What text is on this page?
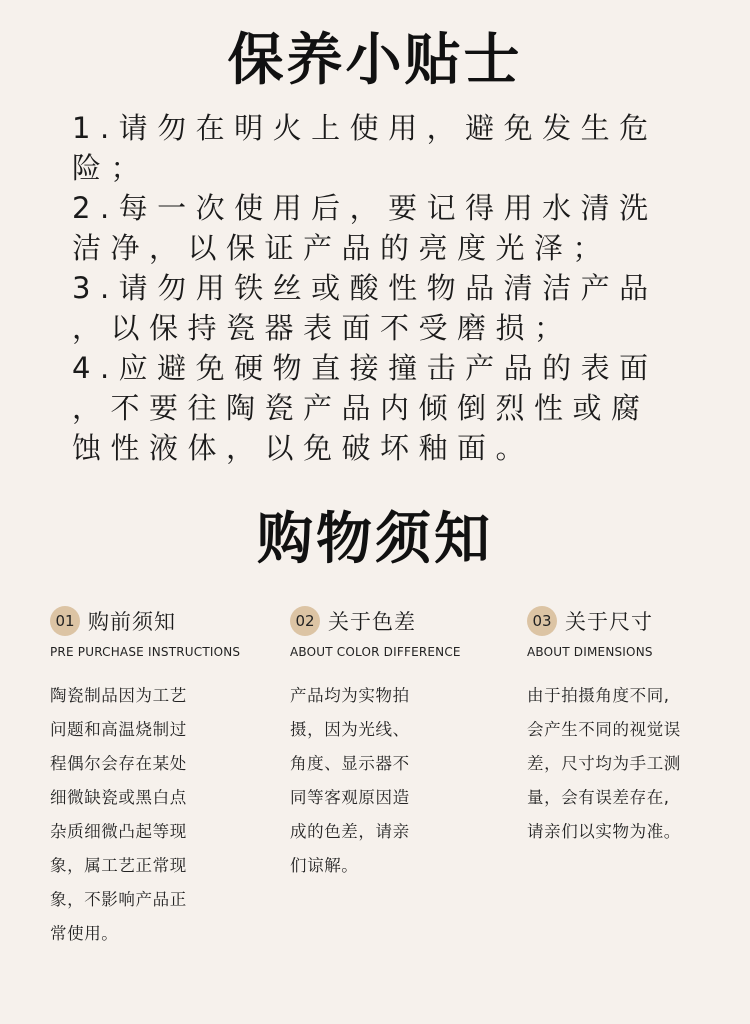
保养小贴士
1.请勿在明火上使用，避免发生危
险；
2.每一次使用后，要记得用水清洗
洁净，以保证产品的亮度光泽；
3.请勿用铁丝或酸性物品清洁产品
，以保持瓷器表面不受磨损；
4.应避免硬物直接撞击产品的表面
，不要往陶瓷产品内倾倒烈性或腐
蚀性液体，以免破坏釉面。
购物须知
01 购前须知
PRE PURCHASE INSTRUCTIONS
陶瓷制品因为工艺
问题和高温烧制过
程偶尔会存在某处
细微缺瓷或黑白点
杂质细微凸起等现
象，属工艺正常现
象，不影响产品正
常使用。
02 关于色差
ABOUT COLOR DIFFERENCE
产品均为实物拍
摄，因为光线、
角度、显示器不
同等客观原因造
成的色差，请亲
们谅解。
03 关于尺寸
ABOUT DIMENSIONS
由于拍摄角度不同,
会产生不同的视觉误
差，尺寸均为手工测
量，会有误差存在,
请亲们以实物为准。
